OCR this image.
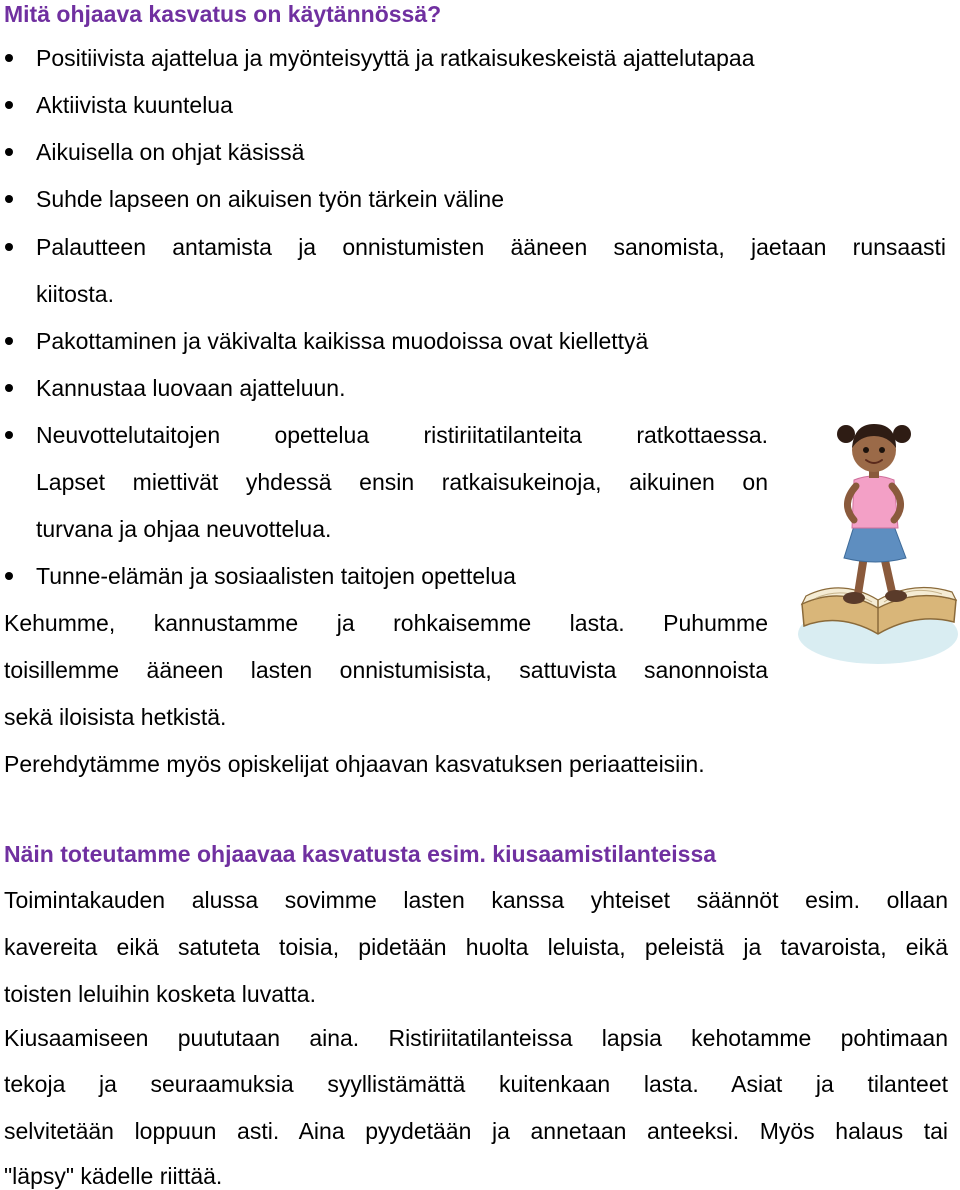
Mitä ohjaava kasvatus on käytännössä?

Positiivista ajattelua ja myönteisyyttä ja ratkaisukeskeistä ajattelutapaa

Aktiivista kuuntelua

Aikuisella on ohjat käsissä

Suhde lapseen on aikuisen työn tärkein väline

Palautteen antamista ja onnistumisten ääneen sanomista, jaetaan runsaasti

kiitosta.

Pakottaminen ja väkivalta kaikissa muodoissa ovat kiellettyä

Kannustaa luovaan ajatteluun.

Neuvottelutaitojen opettelua ristiriitatilanteita ratkottaessa.

Lapset miettivät yhdessä ensin ratkaisukeinoja, aikuinen on

turvana ja ohjaa neuvottelua.

Tunne-elämän ja sosiaalisten taitojen opettelua

Kehumme, kannustamme ja rohkaisemme lasta. Puhumme

toisillemme ääneen lasten onnistumisista, sattuvista sanonnoista

sekä iloisista hetkistä.

Perehdytämme myös opiskelijat ohjaavan kasvatuksen periaatteisiin.

Näin toteutamme ohjaavaa kasvatusta esim. kiusaamistilanteissa

Toimintakauden alussa sovimme lasten kanssa yhteiset säännöt esim. ollaan

kavereita eikä satuteta toisia, pidetään huolta leluista, peleistä ja tavaroista, eikä

toisten leluihin kosketa luvatta.

Kiusaamiseen puututaan aina. Ristiriitatilanteissa lapsia kehotamme pohtimaan

tekoja ja seuraamuksia syyllistämättä kuitenkaan lasta. Asiat ja tilanteet

selvitetään loppuun asti. Aina pyydetään ja annetaan anteeksi. Myös halaus tai

"läpsy" kädelle riittää.
